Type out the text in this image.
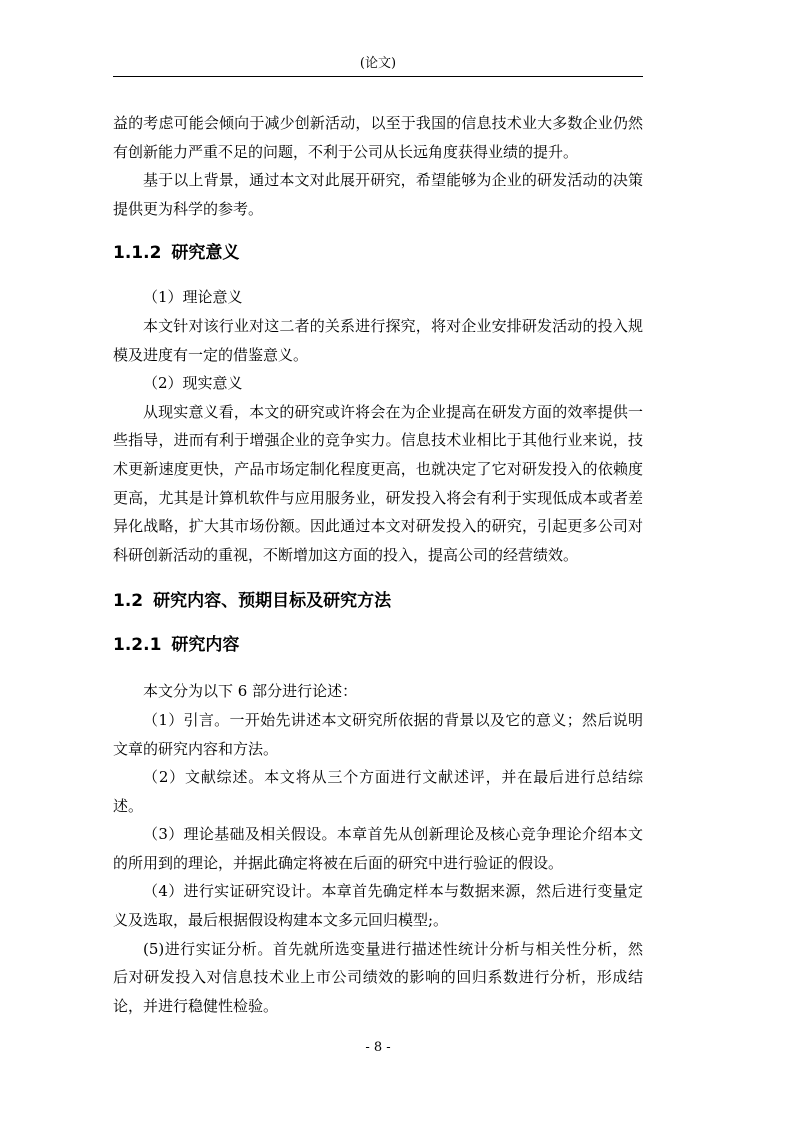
(论文)

益的考虑可能会倾向于减少创新活动，以至于我国的信息技术业大多数企业仍然有创新能力严重不足的问题，不利于公司从长远角度获得业绩的提升。

基于以上背景，通过本文对此展开研究，希望能够为企业的研发活动的决策提供更为科学的参考。

1.1.2 研究意义

（1）理论意义

本文针对该行业对这二者的关系进行探究，将对企业安排研发活动的投入规模及进度有一定的借鉴意义。

（2）现实意义

从现实意义看，本文的研究或许将会在为企业提高在研发方面的效率提供一些指导，进而有利于增强企业的竞争实力。信息技术业相比于其他行业来说，技术更新速度更快，产品市场定制化程度更高，也就决定了它对研发投入的依赖度更高，尤其是计算机软件与应用服务业，研发投入将会有利于实现低成本或者差异化战略，扩大其市场份额。因此通过本文对研发投入的研究，引起更多公司对科研创新活动的重视，不断增加这方面的投入，提高公司的经营绩效。

1.2 研究内容、预期目标及研究方法
1.2.1 研究内容

本文分为以下 6 部分进行论述：

（1）引言。一开始先讲述本文研究所依据的背景以及它的意义；然后说明文章的研究内容和方法。

（2）文献综述。本文将从三个方面进行文献述评，并在最后进行总结综述。

（3）理论基础及相关假设。本章首先从创新理论及核心竞争理论介绍本文的所用到的理论，并据此确定将被在后面的研究中进行验证的假设。

（4）进行实证研究设计。本章首先确定样本与数据来源，然后进行变量定义及选取，最后根据假设构建本文多元回归模型;。

(5)进行实证分析。首先就所选变量进行描述性统计分析与相关性分析，然后对研发投入对信息技术业上市公司绩效的影响的回归系数进行分析，形成结论，并进行稳健性检验。

- 8 -
